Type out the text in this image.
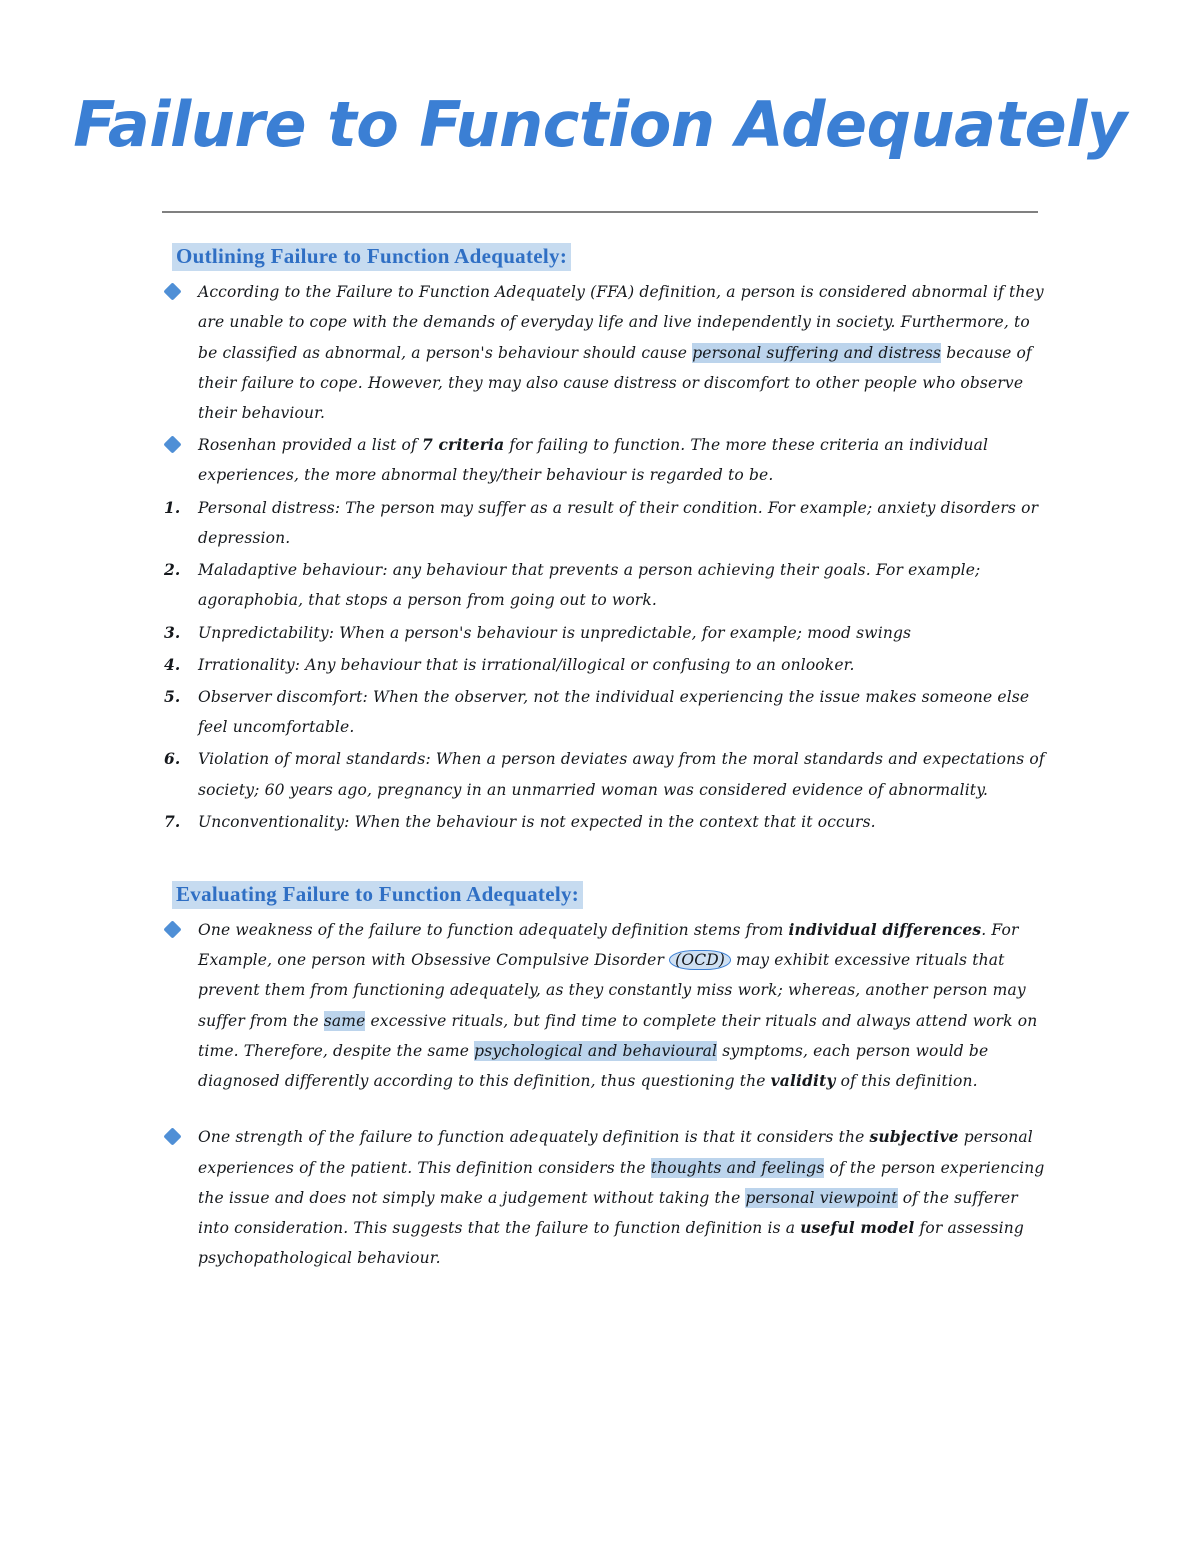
Failure to Function Adequately
Outlining Failure to Function Adequately:
According to the Failure to Function Adequately (FFA) definition, a person is considered abnormal if they are unable to cope with the demands of everyday life and live independently in society. Furthermore, to be classified as abnormal, a person's behaviour should cause personal suffering and distress because of their failure to cope. However, they may also cause distress or discomfort to other people who observe their behaviour.
Rosenhan provided a list of 7 criteria for failing to function. The more these criteria an individual experiences, the more abnormal they/their behaviour is regarded to be.
1.	Personal distress: The person may suffer as a result of their condition. For example; anxiety disorders or depression.
2.	Maladaptive behaviour: any behaviour that prevents a person achieving their goals. For example; agoraphobia, that stops a person from going out to work.
3.	Unpredictability: When a person's behaviour is unpredictable, for example; mood swings
4.	Irrationality: Any behaviour that is irrational/illogical or confusing to an onlooker.
5.	Observer discomfort: When the observer, not the individual experiencing the issue makes someone else feel uncomfortable.
6.	Violation of moral standards: When a person deviates away from the moral standards and expectations of society; 60 years ago, pregnancy in an unmarried woman was considered evidence of abnormality.
7.	Unconventionality: When the behaviour is not expected in the context that it occurs.
Evaluating Failure to Function Adequately:
One weakness of the failure to function adequately definition stems from individual differences. For Example, one person with Obsessive Compulsive Disorder (OCD) may exhibit excessive rituals that prevent them from functioning adequately, as they constantly miss work; whereas, another person may suffer from the same excessive rituals, but find time to complete their rituals and always attend work on time. Therefore, despite the same psychological and behavioural symptoms, each person would be diagnosed differently according to this definition, thus questioning the validity of this definition.
One strength of the failure to function adequately definition is that it considers the subjective personal experiences of the patient. This definition considers the thoughts and feelings of the person experiencing the issue and does not simply make a judgement without taking the personal viewpoint of the sufferer into consideration. This suggests that the failure to function definition is a useful model for assessing psychopathological behaviour.
